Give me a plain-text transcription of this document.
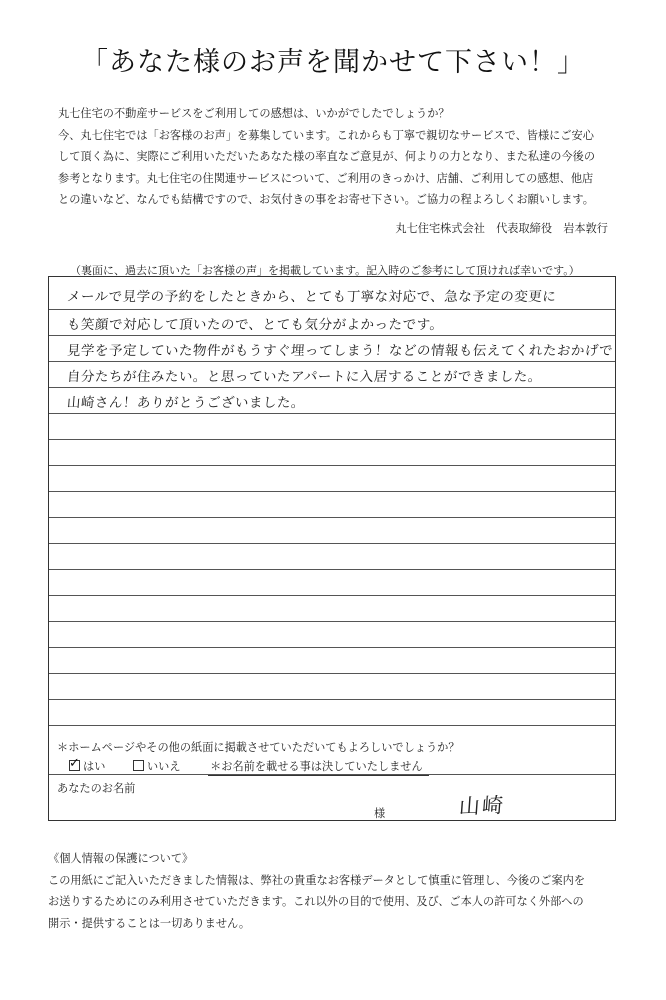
「あなた様のお声を聞かせて下さい！」

丸七住宅の不動産サービスをご利用しての感想は、いかがでしたでしょうか？

今、丸七住宅では「お客様のお声」を募集しています。これからも丁寧で親切なサービスで、皆様にご安心

して頂く為に、実際にご利用いただいたあなた様の率直なご意見が、何よりの力となり、また私達の今後の

参考となります。丸七住宅の住関連サービスについて、ご利用のきっかけ、店舗、ご利用しての感想、他店

との違いなど、なんでも結構ですので、お気付きの事をお寄せ下さい。ご協力の程よろしくお願いします。

丸七住宅株式会社　代表取締役　岩本敦行
（裏面に、過去に頂いた「お客様の声」を掲載しています。記入時のご参考にして頂ければ幸いです。）
メールで見学の予約をしたときから、とても丁寧な対応で、急な予定の変更に
も笑顔で対応して頂いたので、とても気分がよかったです。
見学を予定していた物件がもうすぐ埋ってしまう！などの情報も伝えてくれたおかげで
自分たちが住みたい。と思っていたアパートに入居することができました。
山崎さん！ありがとうございました。
＊ホームページやその他の紙面に掲載させていただいてもよろしいでしょうか？
✓はい	いいえ	＊お名前を載せる事は決していたしません
あなたのお名前
様	山崎

《個人情報の保護について》

この用紙にご記入いただきました情報は、弊社の貴重なお客様データとして慎重に管理し、今後のご案内を

お送りするためにのみ利用させていただきます。これ以外の目的で使用、及び、ご本人の許可なく外部への

開示・提供することは一切ありません。
